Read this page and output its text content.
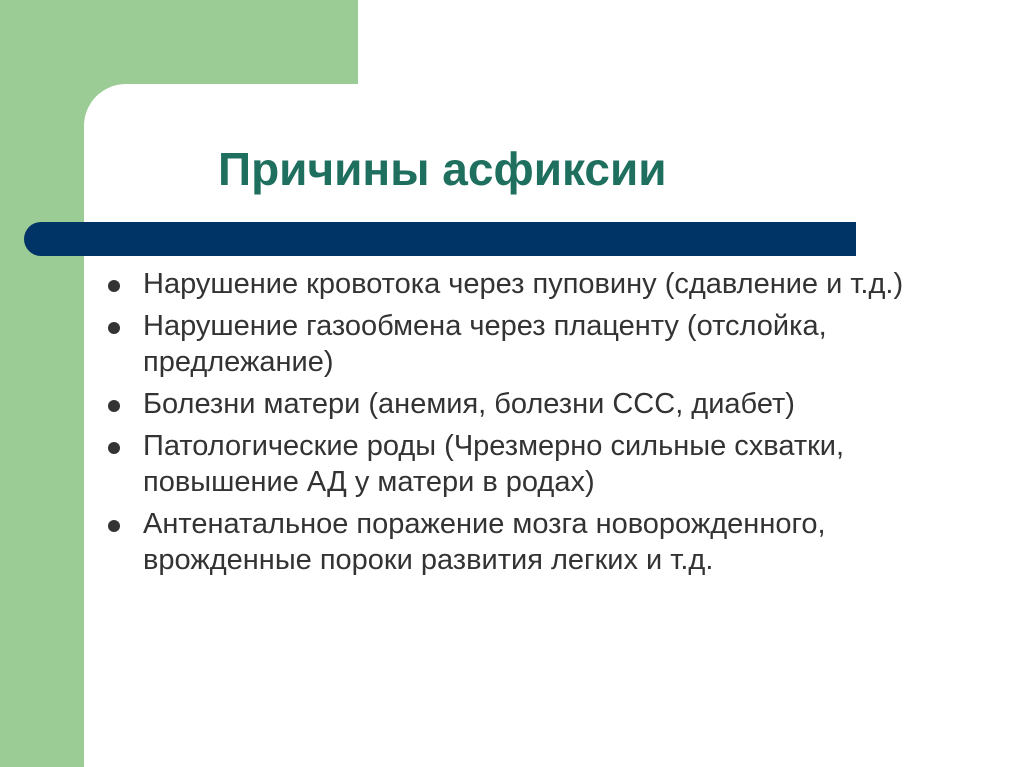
Причины асфиксии
Нарушение кровотока через пуповину (сдавление и т.д.)
Нарушение газообмена через плаценту (отслойка, предлежание)
Болезни матери (анемия, болезни ССС, диабет)
Патологические роды (Чрезмерно сильные схватки, повышение АД у матери в родах)
Антенатальное поражение мозга новорожденного, врожденные пороки развития легких и т.д.
